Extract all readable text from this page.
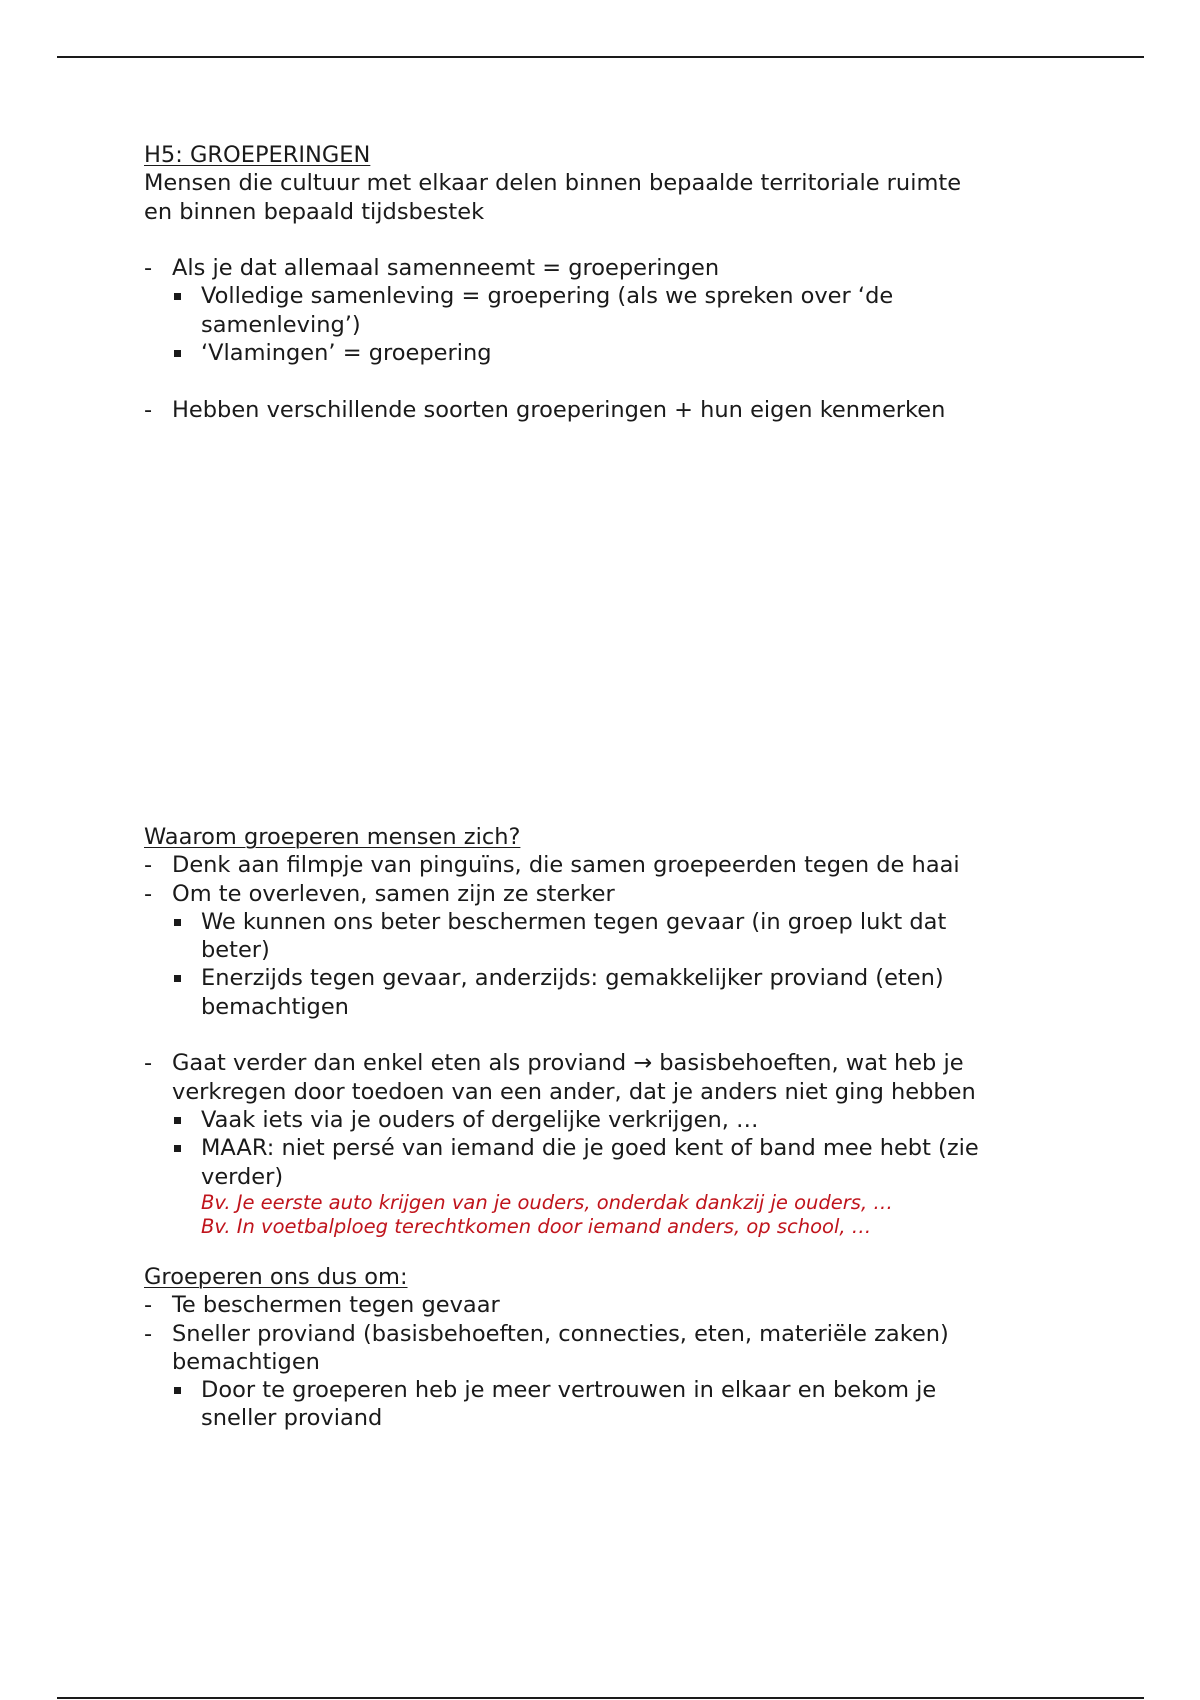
H5: GROEPERINGEN
Mensen die cultuur met elkaar delen binnen bepaalde territoriale ruimte
en binnen bepaald tijdsbestek
- Als je dat allemaal samenneemt = groeperingen
Volledige samenleving = groepering (als we spreken over ‘de
samenleving’)
‘Vlamingen’ = groepering
- Hebben verschillende soorten groeperingen + hun eigen kenmerken
Waarom groeperen mensen zich?
- Denk aan filmpje van pinguïns, die samen groepeerden tegen de haai
- Om te overleven, samen zijn ze sterker
We kunnen ons beter beschermen tegen gevaar (in groep lukt dat
beter)
Enerzijds tegen gevaar, anderzijds: gemakkelijker proviand (eten)
bemachtigen
- Gaat verder dan enkel eten als proviand → basisbehoeften, wat heb je
verkregen door toedoen van een ander, dat je anders niet ging hebben
Vaak iets via je ouders of dergelijke verkrijgen, …
MAAR: niet persé van iemand die je goed kent of band mee hebt (zie
verder)
Bv. Je eerste auto krijgen van je ouders, onderdak dankzij je ouders, …
Bv. In voetbalploeg terechtkomen door iemand anders, op school, …
Groeperen ons dus om:
- Te beschermen tegen gevaar
- Sneller proviand (basisbehoeften, connecties, eten, materiële zaken)
bemachtigen
Door te groeperen heb je meer vertrouwen in elkaar en bekom je
sneller proviand
